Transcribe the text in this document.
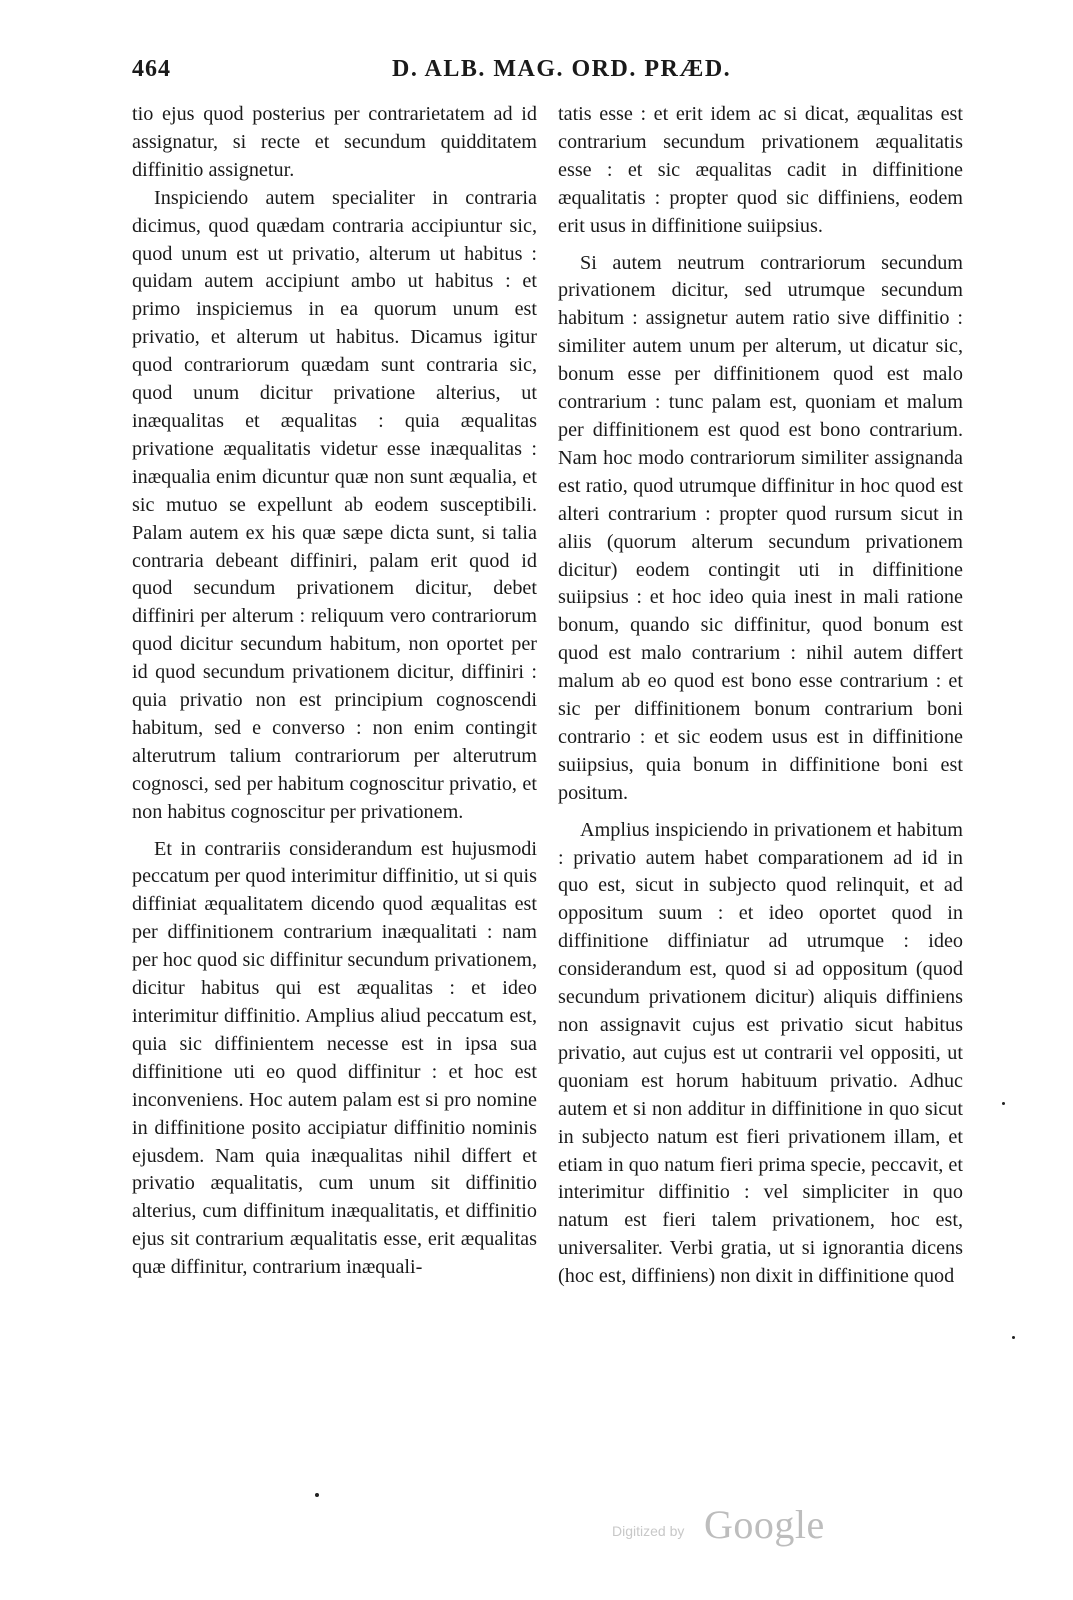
464	D. ALB. MAG. ORD. PRÆD.

tio ejus quod posterius per contrarietatem ad id assignatur, si recte et secundum quidditatem diffinitio assignetur.

Inspiciendo autem specialiter in contraria dicimus, quod quædam contraria accipiuntur sic, quod unum est ut privatio, alterum ut habitus : quidam autem accipiunt ambo ut habitus : et primo inspiciemus in ea quorum unum est privatio, et alterum ut habitus. Dicamus igitur quod contrariorum quædam sunt contraria sic, quod unum dicitur privatione alterius, ut inæqualitas et æqualitas : quia æqualitas privatione æqualitatis videtur esse inæqualitas : inæqualia enim dicuntur quæ non sunt æqualia, et sic mutuo se expellunt ab eodem susceptibili. Palam autem ex his quæ sæpe dicta sunt, si talia contraria debeant diffiniri, palam erit quod id quod secundum privationem dicitur, debet diffiniri per alterum : reliquum vero contrariorum quod dicitur secundum habitum, non oportet per id quod secundum privationem dicitur, diffiniri : quia privatio non est principium cognoscendi habitum, sed e converso : non enim contingit alterutrum talium contrariorum per alterutrum cognosci, sed per habitum cognoscitur privatio, et non habitus cognoscitur per privationem.

Et in contrariis considerandum est hujusmodi peccatum per quod interimitur diffinitio, ut si quis diffiniat æqualitatem dicendo quod æqualitas est per diffinitionem contrarium inæqualitati : nam per hoc quod sic diffinitur secundum privationem, dicitur habitus qui est æqualitas : et ideo interimitur diffinitio. Amplius aliud peccatum est, quia sic diffinientem necesse est in ipsa sua diffinitione uti eo quod diffinitur : et hoc est inconveniens. Hoc autem palam est si pro nomine in diffinitione posito accipiatur diffinitio nominis ejusdem. Nam quia inæqualitas nihil differt et privatio æqualitatis, cum unum sit diffinitio alterius, cum diffinitum inæqualitatis, et diffinitio ejus sit contrarium æqualitatis esse, erit æqualitas quæ diffinitur, contrarium inæquali-

tatis esse : et erit idem ac si dicat, æqualitas est contrarium secundum privationem æqualitatis esse : et sic æqualitas cadit in diffinitione æqualitatis : propter quod sic diffiniens, eodem erit usus in diffinitione suiipsius.

Si autem neutrum contrariorum secundum privationem dicitur, sed utrumque secundum habitum : assignetur autem ratio sive diffinitio : similiter autem unum per alterum, ut dicatur sic, bonum esse per diffinitionem quod est malo contrarium : tunc palam est, quoniam et malum per diffinitionem est quod est bono contrarium. Nam hoc modo contrariorum similiter assignanda est ratio, quod utrumque diffinitur in hoc quod est alteri contrarium : propter quod rursum sicut in aliis (quorum alterum secundum privationem dicitur) eodem contingit uti in diffinitione suiipsius : et hoc ideo quia inest in mali ratione bonum, quando sic diffinitur, quod bonum est quod est malo contrarium : nihil autem differt malum ab eo quod est bono esse contrarium : et sic per diffinitionem bonum contrarium boni contrario : et sic eodem usus est in diffinitione suiipsius, quia bonum in diffinitione boni est positum.

Amplius inspiciendo in privationem et habitum : privatio autem habet comparationem ad id in quo est, sicut in subjecto quod relinquit, et ad oppositum suum : et ideo oportet quod in diffinitione diffiniatur ad utrumque : ideo considerandum est, quod si ad oppositum (quod secundum privationem dicitur) aliquis diffiniens non assignavit cujus est privatio sicut habitus privatio, aut cujus est ut contrarii vel oppositi, ut quoniam est horum habituum privatio. Adhuc autem et si non additur in diffinitione in quo sicut in subjecto natum est fieri privationem illam, et etiam in quo natum fieri prima specie, peccavit, et interimitur diffinitio : vel simpliciter in quo natum est fieri talem privationem, hoc est, universaliter. Verbi gratia, ut si ignorantia dicens (hoc est, diffiniens) non dixit in diffinitione quod

Digitized by Google
